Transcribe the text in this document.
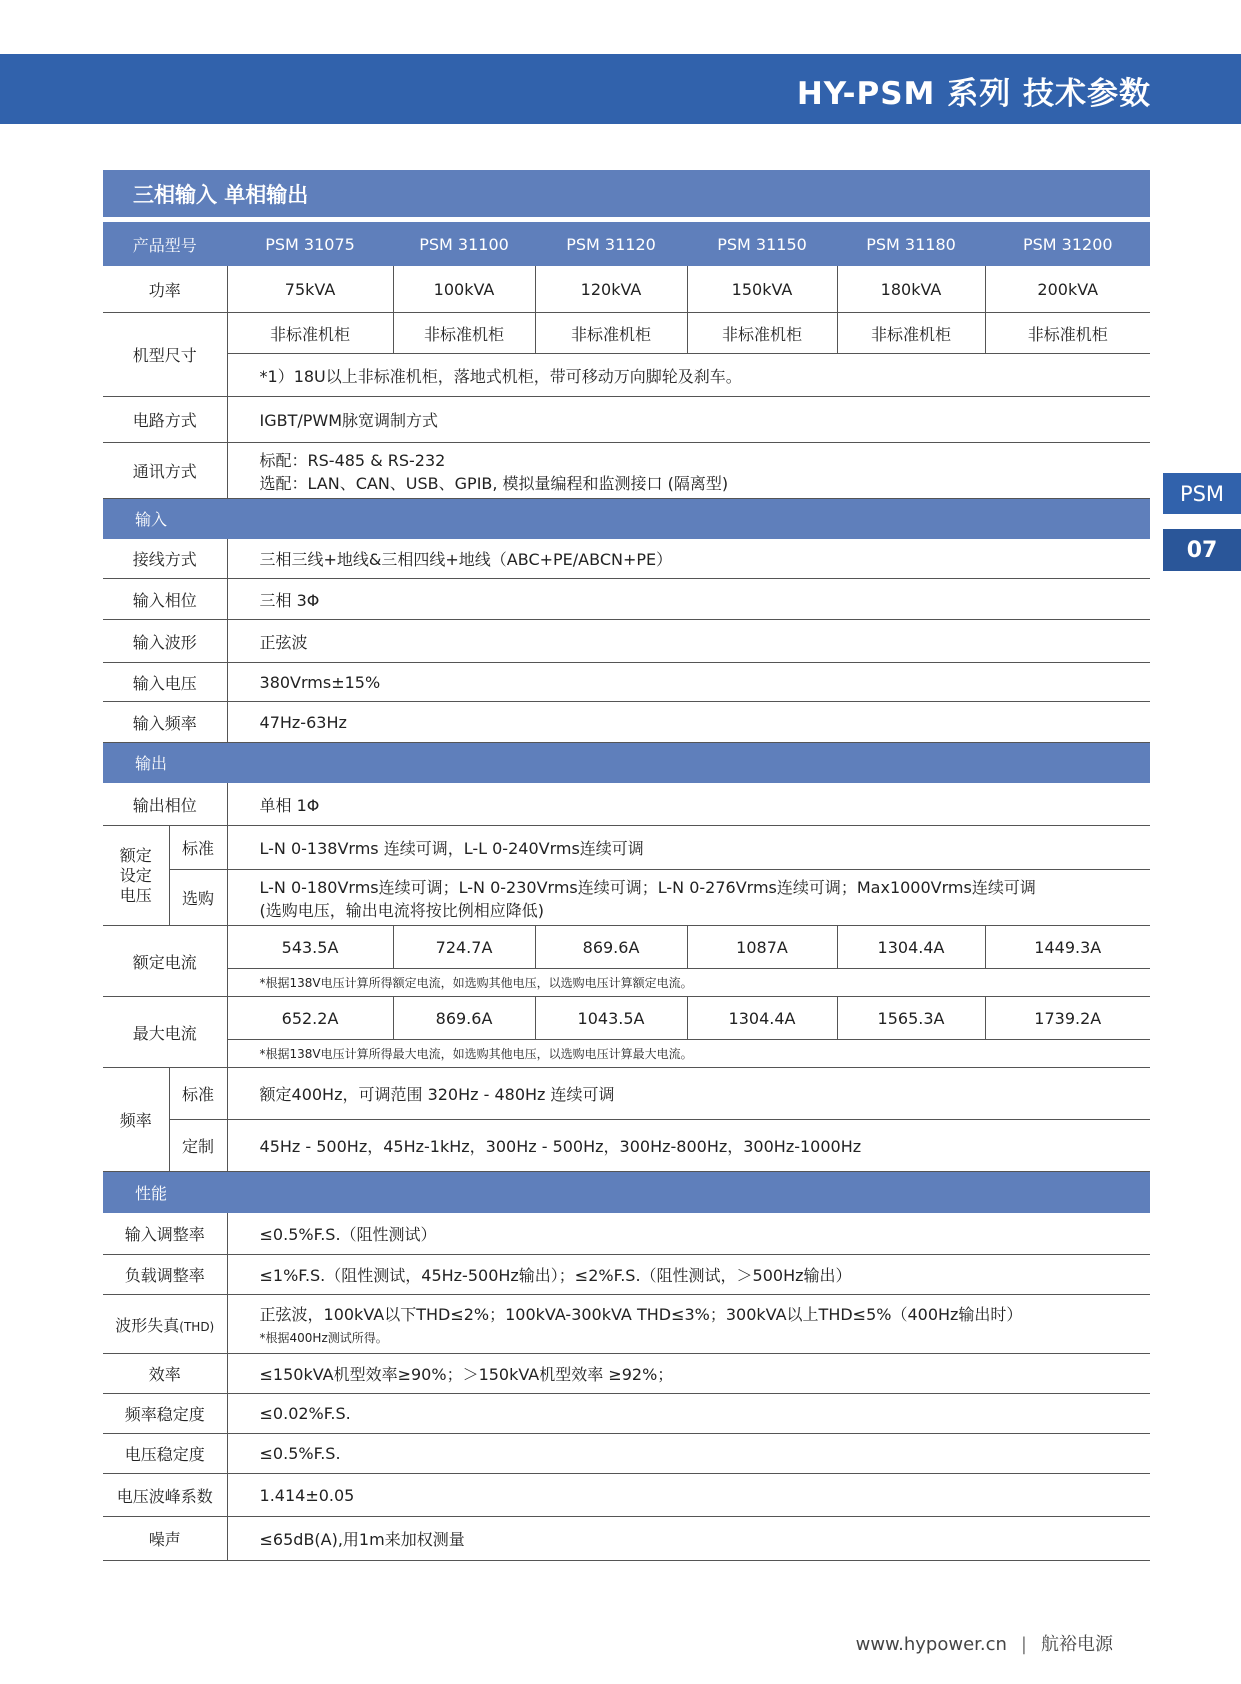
HY-PSM 系列 技术参数
PSM
07
三相输入 单相输出
产品型号		PSM 31075	PSM 31100	PSM 31120	PSM 31150	PSM 31180	PSM 31200
功率		75kVA	100kVA	120kVA	150kVA	180kVA	200kVA
机型尺寸		非标准机柜	非标准机柜	非标准机柜	非标准机柜	非标准机柜	非标准机柜
		*1）18U以上非标准机柜，落地式机柜，带可移动万向脚轮及刹车。					
电路方式		IGBT/PWM脉宽调制方式					
通讯方式		标配：RS-485 & RS-232
选配：LAN、CAN、USB、GPIB, 模拟量编程和监测接口 (隔离型)					

输入							
接线方式		三相三线+地线&三相四线+地线（ABC+PE/ABCN+PE）					
输入相位		三相 3Φ					
输入波形		正弦波					
输入电压		380Vrms±15%					
输入频率		47Hz-63Hz					
输出							
输出相位		单相 1Φ					

额定
设定
电压	标准	L-N 0-138Vrms 连续可调，L-L 0-240Vrms连续可调					
	选购	L-N 0-180Vrms连续可调；L-N 0-230Vrms连续可调；L-N 0-276Vrms连续可调；Max1000Vrms连续可调
(选购电压，输出电流将按比例相应降低)					

额定电流		543.5A	724.7A	869.6A	1087A	1304.4A	1449.3A
		*根据138V电压计算所得额定电流，如选购其他电压，以选购电压计算额定电流。					
最大电流		652.2A	869.6A	1043.5A	1304.4A	1565.3A	1739.2A
		*根据138V电压计算所得最大电流，如选购其他电压，以选购电压计算最大电流。					
频率	标准	额定400Hz，可调范围 320Hz - 480Hz 连续可调					
	定制	45Hz - 500Hz，45Hz-1kHz，300Hz - 500Hz，300Hz-800Hz，300Hz-1000Hz					
性能							
输入调整率		≤0.5%F.S.（阻性测试）					
负载调整率		≤1%F.S.（阻性测试，45Hz-500Hz输出）；≤2%F.S.（阻性测试，＞500Hz输出）					
波形失真(THD)		正弦波，100kVA以下THD≤2%；100kVA-300kVA THD≤3%；300kVA以上THD≤5%（400Hz输出时）
*根据400Hz测试所得。					

效率		≤150kVA机型效率≥90%；＞150kVA机型效率 ≥92%；					
频率稳定度		≤0.02%F.S.					
电压稳定度		≤0.5%F.S.					
电压波峰系数		1.414±0.05					
噪声		≤65dB(A),用1m来加权测量					
www.hypower.cn | 航裕电源
